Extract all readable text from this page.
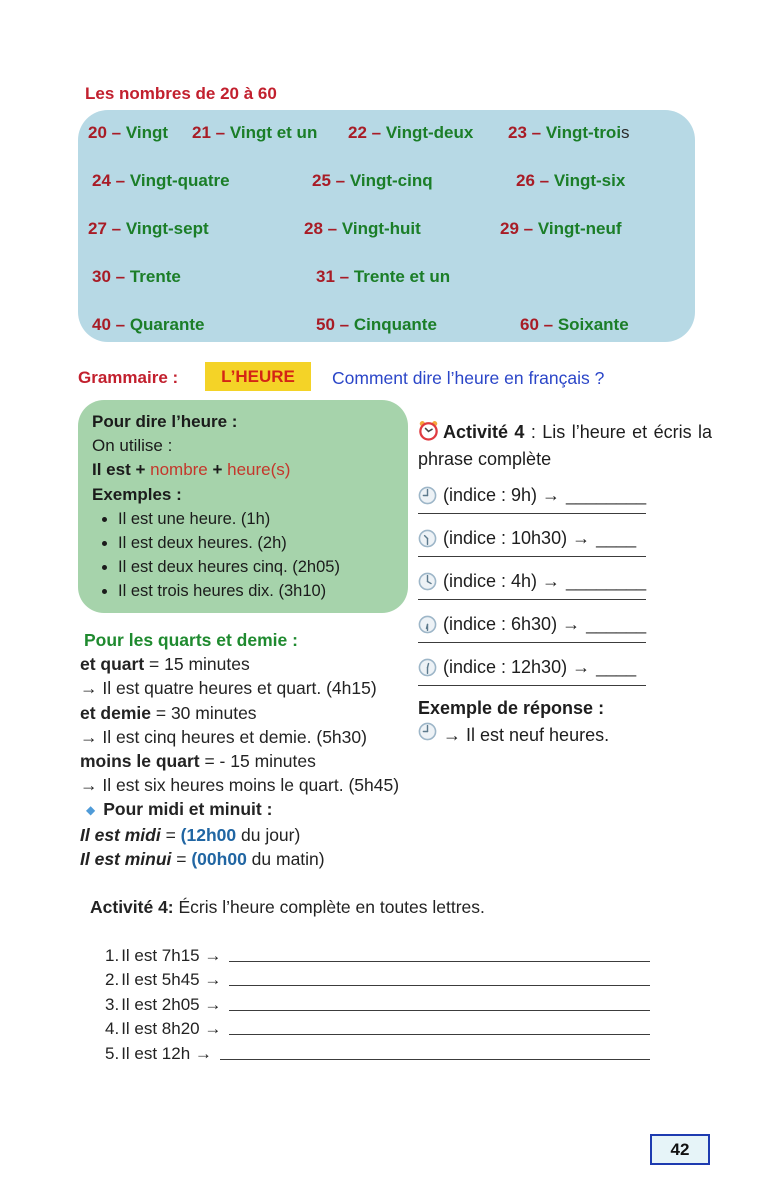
Les nombres de 20 à 60
20 – Vingt 21 – Vingt et un 22 – Vingt-deux 23 – Vingt-trois
24 – Vingt-quatre	25 – Vingt-cinq	26 – Vingt-six
27 – Vingt-sept	28 – Vingt-huit	29 – Vingt-neuf
30 – Trente	31 – Trente et un
40 – Quarante	50 – Cinquante	60 – Soixante
Grammaire :	L’HEURE	Comment dire l’heure en français ?
Pour dire l’heure :
On utilise :
Il est + nombre + heure(s)
Exemples :
• Il est une heure. (1h)
• Il est deux heures. (2h)
• Il est deux heures cinq. (2h05)
• Il est trois heures dix. (3h10)
Activité 4 : Lis l’heure et écris la phrase complète
(indice : 9h) → ________
(indice : 10h30) → ____
(indice : 4h) → ________
(indice : 6h30) → ______
(indice : 12h30) → ____
Exemple de réponse :
→ Il est neuf heures.
Pour les quarts et demie :
et quart = 15 minutes
→ Il est quatre heures et quart. (4h15)
et demie = 30 minutes
→ Il est cinq heures et demie. (5h30)
moins le quart = - 15 minutes
→ Il est six heures moins le quart. (5h45)
◆ Pour midi et minuit :
Il est midi = (12h00 du jour)
Il est minui = (00h00 du matin)
Activité 4: Écris l’heure complète en toutes lettres.
1. Il est 7h15 →
2. Il est 5h45 →
3. Il est 2h05 →
4. Il est 8h20 →
5. Il est 12h →
42
